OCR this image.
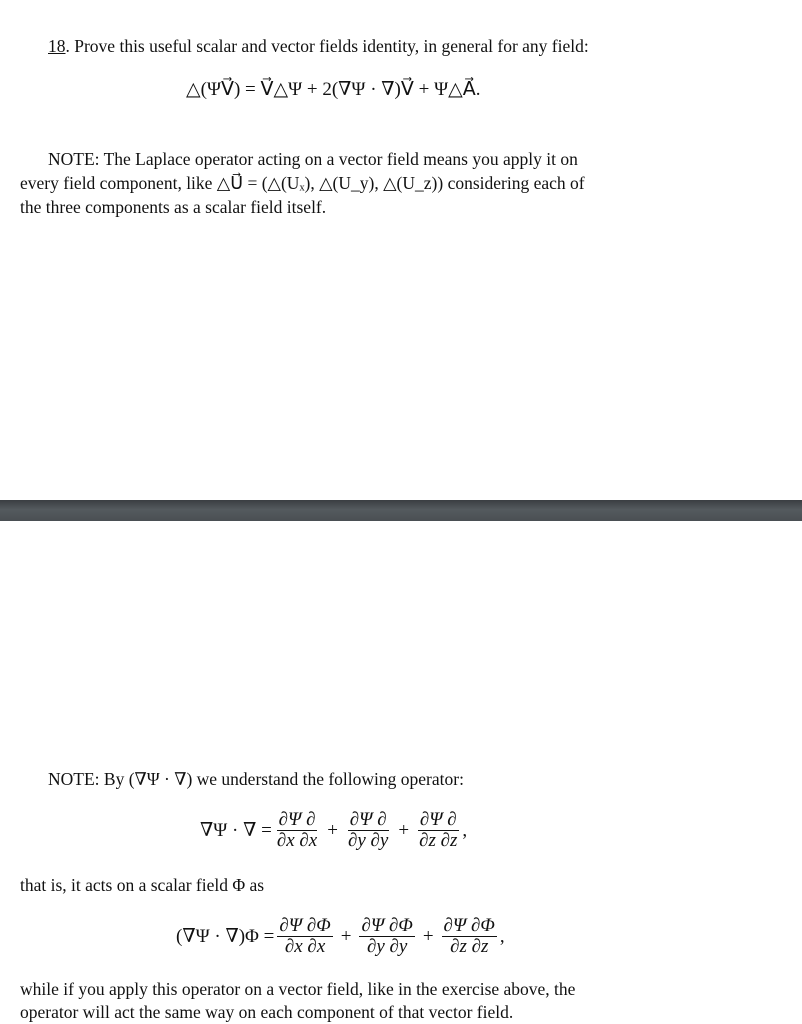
18. Prove this useful scalar and vector fields identity, in general for any field:
△(ΨV⃗) = V⃗△Ψ + 2(∇Ψ · ∇)V⃗ + Ψ△A⃗.
NOTE: The Laplace operator acting on a vector field means you apply it on
every field component, like △U⃗ = (△(Uₓ), △(U_y), △(U_z)) considering each of
the three components as a scalar field itself.
NOTE: By (∇Ψ · ∇) we understand the following operator:
∇Ψ · ∇ = $\frac{\partial\Psi \partial}{\partial x \partial x} + \frac{\partial\Psi \partial}{\partial y \partial y} + \frac{\partial\Psi \partial}{\partial z \partial z}$ ,
that is, it acts on a scalar field Φ as
$(\nabla\Psi \cdot \nabla)\Phi = \frac{\partial\Psi \partial\Phi}{\partial x \partial x} + \frac{\partial\Psi \partial\Phi}{\partial y \partial y} + \frac{\partial\Psi \partial\Phi}{\partial z \partial z}$ ,
while if you apply this operator on a vector field, like in the exercise above, the
operator will act the same way on each component of that vector field.
